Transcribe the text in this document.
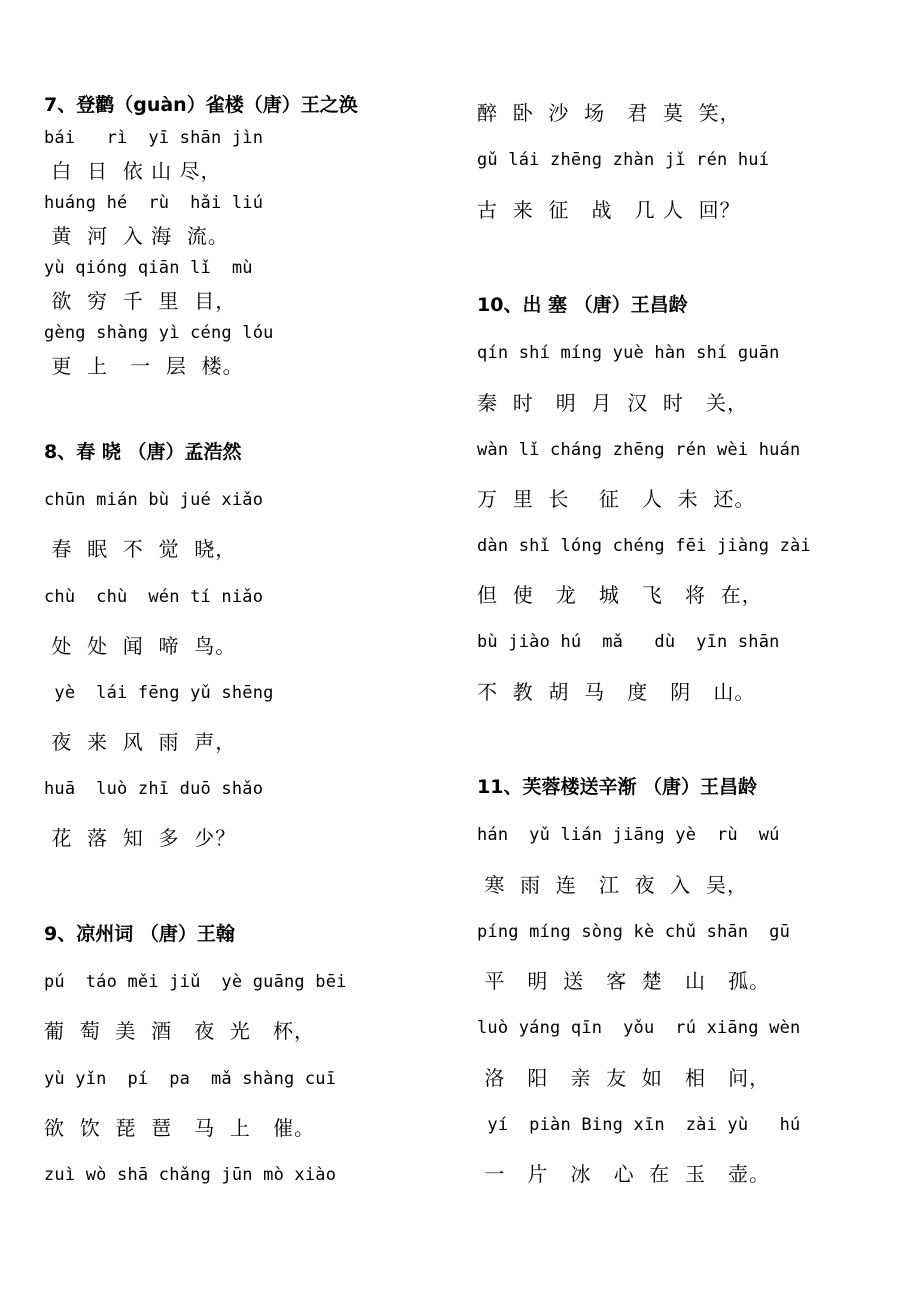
7、登鹳（guàn）雀楼（唐）王之涣
bái   rì  yī shān jìn
白  日  依 山 尽，
huáng hé  rù  hǎi liú
黄  河  入 海  流。
yù qióng qiān lǐ  mù
欲  穷  千  里  目，
gèng shàng yì céng lóu
更  上   一  层  楼。
8、春 晓 （唐）孟浩然
chūn mián bù jué xiǎo
春  眠  不  觉  晓，
chù  chù  wén tí niǎo
处  处  闻  啼  鸟。
yè  lái fēng yǔ shēng
夜  来  风  雨  声，
huā  luò zhī duō shǎo
花  落  知  多  少？
9、凉州词 （唐）王翰
pú  táo měi jiǔ  yè guāng bēi
葡  萄  美  酒   夜  光   杯，
yù yǐn  pí  pa  mǎ shàng cuī
欲  饮  琵  琶   马  上   催。
zuì wò shā chǎng jūn mò xiào
醉  卧  沙  场   君  莫  笑，
gǔ lái zhēng zhàn jǐ rén huí
古  来  征   战   几 人  回？
10、出 塞 （唐）王昌龄
qín shí míng yuè hàn shí guān
秦  时   明  月  汉  时   关，
wàn lǐ cháng zhēng rén wèi huán
万  里  长    征   人  未  还。
dàn shǐ lóng chéng fēi jiàng zài
但  使   龙   城   飞   将  在，
bù jiào hú  mǎ   dù  yīn shān
不  教  胡  马   度   阴   山。
11、芙蓉楼送辛渐 （唐）王昌龄
hán  yǔ lián jiāng yè  rù  wú
寒  雨  连   江  夜  入  吴，
píng míng sòng kè chǔ shān  gū
平   明  送   客  楚   山   孤。
luò yáng qīn  yǒu  rú xiāng wèn
洛   阳   亲  友  如   相   问，
yí  piàn Bing xīn  zài yù   hú
一   片   冰   心  在  玉   壶。
